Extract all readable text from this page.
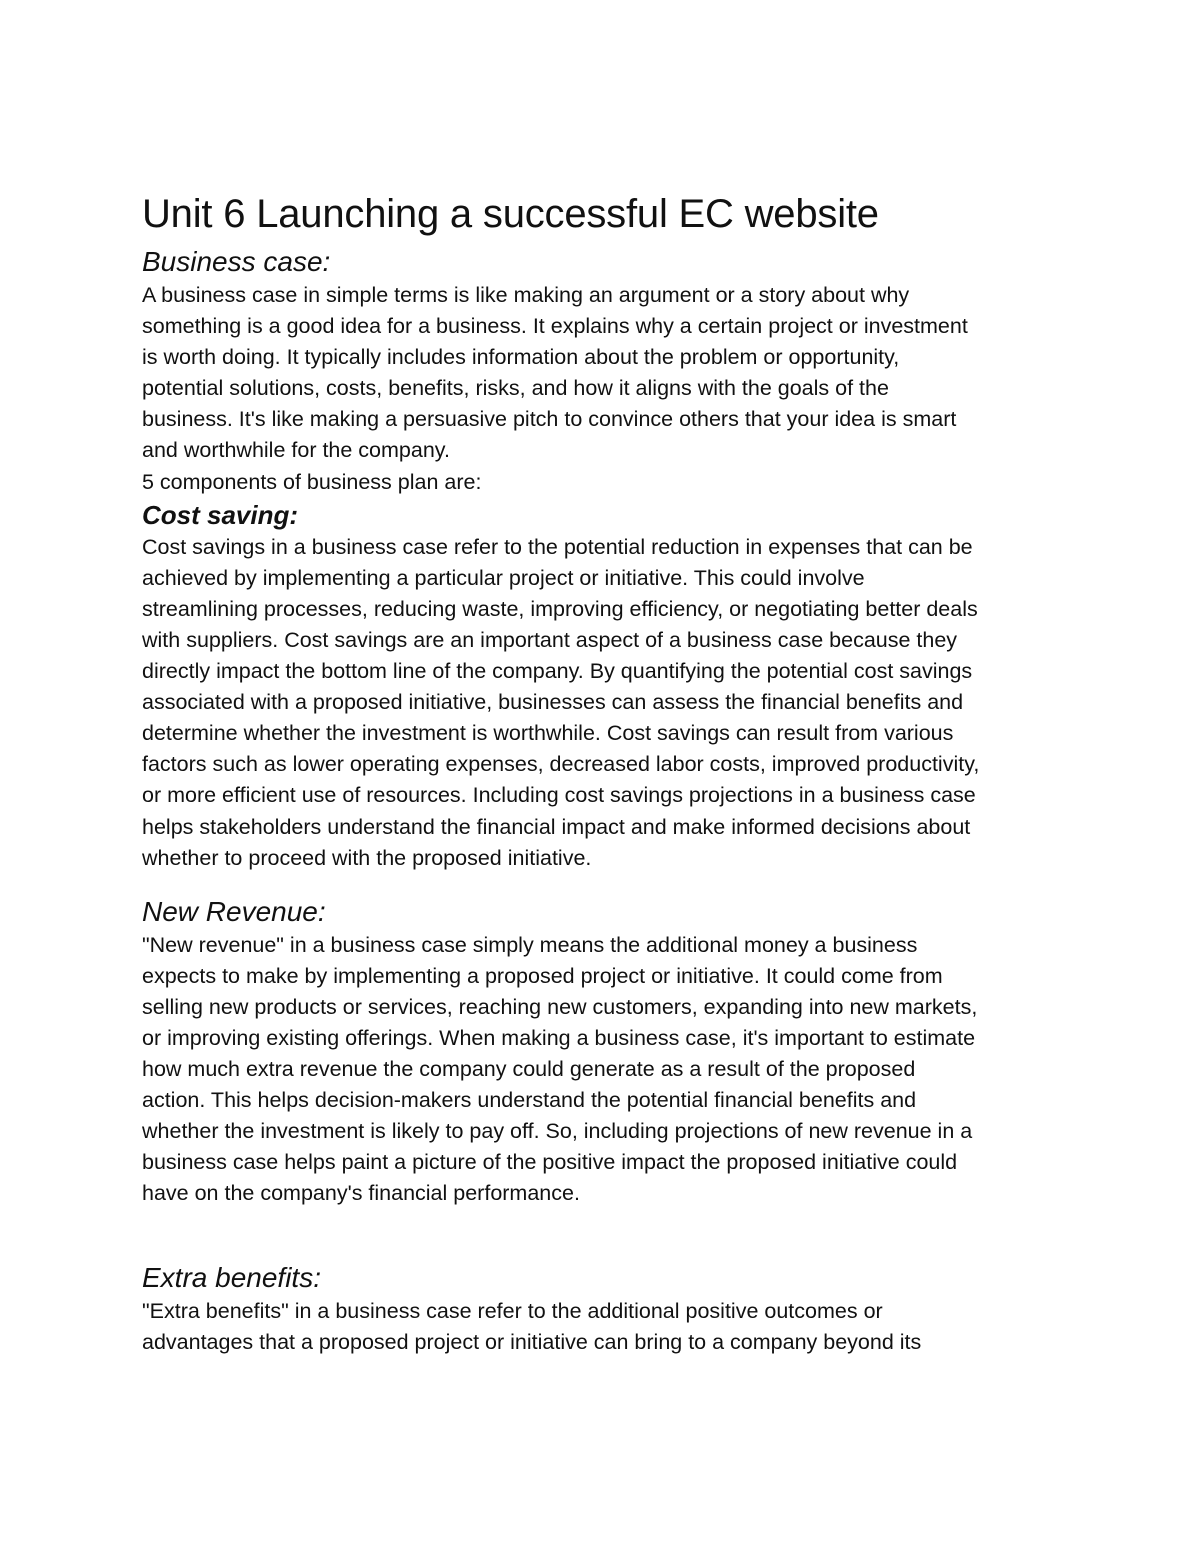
Unit 6 Launching a successful EC website
Business case:

A business case in simple terms is like making an argument or a story about why

something is a good idea for a business. It explains why a certain project or investment

is worth doing. It typically includes information about the problem or opportunity,

potential solutions, costs, benefits, risks, and how it aligns with the goals of the

business. It's like making a persuasive pitch to convince others that your idea is smart

and worthwhile for the company.

5 components of business plan are:

Cost saving:

Cost savings in a business case refer to the potential reduction in expenses that can be

achieved by implementing a particular project or initiative. This could involve

streamlining processes, reducing waste, improving efficiency, or negotiating better deals

with suppliers. Cost savings are an important aspect of a business case because they

directly impact the bottom line of the company. By quantifying the potential cost savings

associated with a proposed initiative, businesses can assess the financial benefits and

determine whether the investment is worthwhile. Cost savings can result from various

factors such as lower operating expenses, decreased labor costs, improved productivity,

or more efficient use of resources. Including cost savings projections in a business case

helps stakeholders understand the financial impact and make informed decisions about

whether to proceed with the proposed initiative.

New Revenue:

"New revenue" in a business case simply means the additional money a business

expects to make by implementing a proposed project or initiative. It could come from

selling new products or services, reaching new customers, expanding into new markets,

or improving existing offerings. When making a business case, it's important to estimate

how much extra revenue the company could generate as a result of the proposed

action. This helps decision-makers understand the potential financial benefits and

whether the investment is likely to pay off. So, including projections of new revenue in a

business case helps paint a picture of the positive impact the proposed initiative could

have on the company's financial performance.

Extra benefits:

"Extra benefits" in a business case refer to the additional positive outcomes or

advantages that a proposed project or initiative can bring to a company beyond its
